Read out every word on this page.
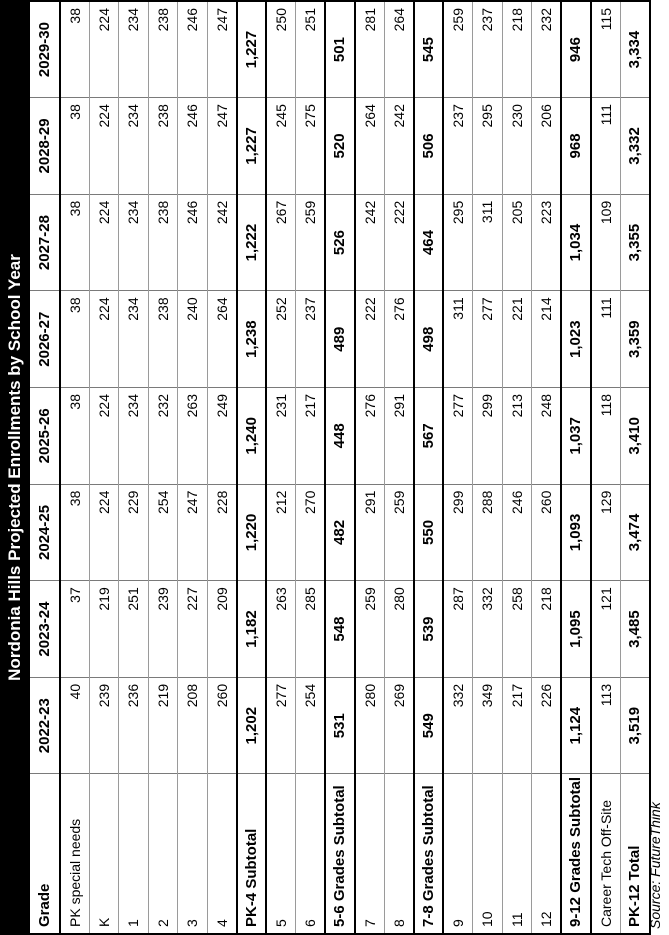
Nordonia Hills Projected Enrollments by School Year
Grade	2022-23	2023-24	2024-25	2025-26	2026-27	2027-28	2028-29	2029-30
PK special needs	40	37	38	38	38	38	38	38
K	239	219	224	224	224	224	224	224
1	236	251	229	234	234	234	234	234
2	219	239	254	232	238	238	238	238
3	208	227	247	263	240	246	246	246
4	260	209	228	249	264	242	247	247
PK-4 Subtotal	1,202	1,182	1,220	1,240	1,238	1,222	1,227	1,227
5	277	263	212	231	252	267	245	250
6	254	285	270	217	237	259	275	251
5-6 Grades Subtotal	531	548	482	448	489	526	520	501
7	280	259	291	276	222	242	264	281
8	269	280	259	291	276	222	242	264
7-8 Grades Subtotal	549	539	550	567	498	464	506	545
9	332	287	299	277	311	295	237	259
10	349	332	288	299	277	311	295	237
11	217	258	246	213	221	205	230	218
12	226	218	260	248	214	223	206	232
9-12 Grades Subtotal	1,124	1,095	1,093	1,037	1,023	1,034	968	946
Career Tech Off-Site	113	121	129	118	111	109	111	115
PK-12 Total	3,519	3,485	3,474	3,410	3,359	3,355	3,332	3,334
Source: FutureThink
